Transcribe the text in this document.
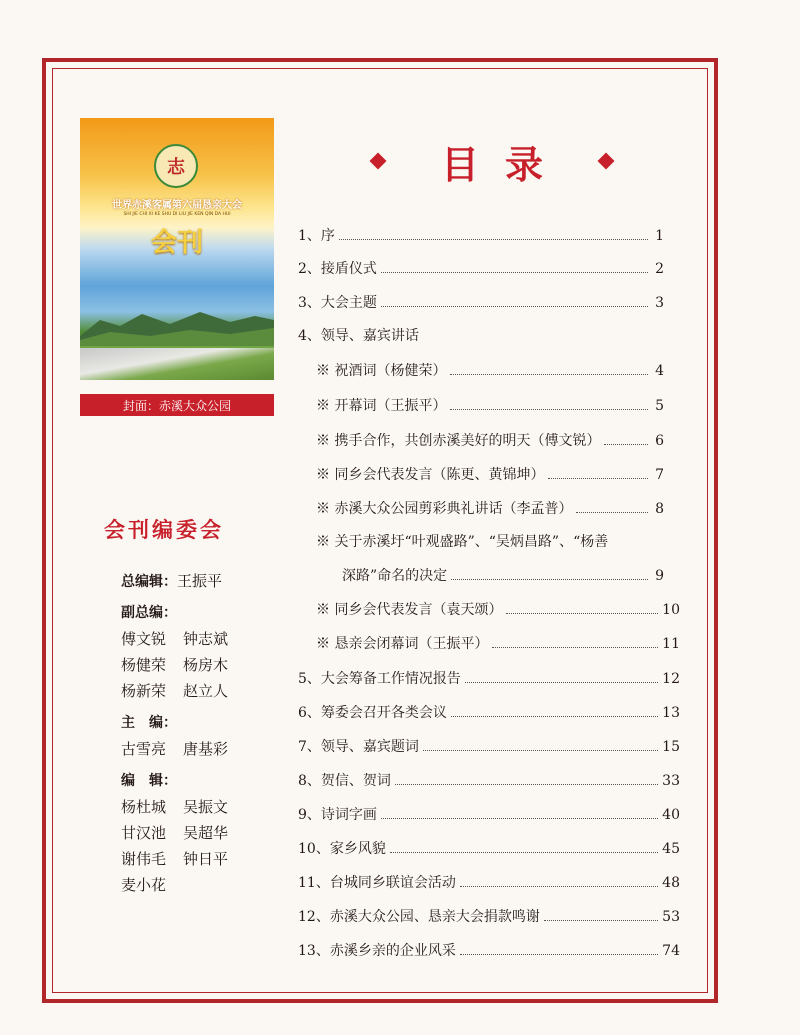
志
世界赤溪客属第六届恳亲大会
SHI JIE CHI XI KE SHU DI LIU JIE KEN QIN DA HUI
会刊
封面：赤溪大众公园
会刊编委会
总编辑：王振平
副总编：
傅文锐 钟志斌
杨健荣 杨房木
杨新荣 赵立人
主　编：
古雪亮 唐基彩
编　辑：
杨杜城 吴振文
甘汉池 吴超华
谢伟毛 钟日平
麦小花
目录
1、序	1
2、接盾仪式	2
3、大会主题	3
4、领导、嘉宾讲话
※ 祝酒词（杨健荣）	4
※ 开幕词（王振平）	5
※ 携手合作，共创赤溪美好的明天（傅文锐）	6
※ 同乡会代表发言（陈更、黄锦坤）	7
※ 赤溪大众公园剪彩典礼讲话（李孟普）	8
※ 关于赤溪圩“叶观盛路”、“吴炳昌路”、“杨善
深路”命名的决定	9
※ 同乡会代表发言（袁天颂）	10
※ 恳亲会闭幕词（王振平）	11
5、大会筹备工作情况报告	12
6、筹委会召开各类会议	13
7、领导、嘉宾题词	15
8、贺信、贺词	33
9、诗词字画	40
10、家乡风貌	45
11、台城同乡联谊会活动	48
12、赤溪大众公园、恳亲大会捐款鸣谢	53
13、赤溪乡亲的企业风采	74
